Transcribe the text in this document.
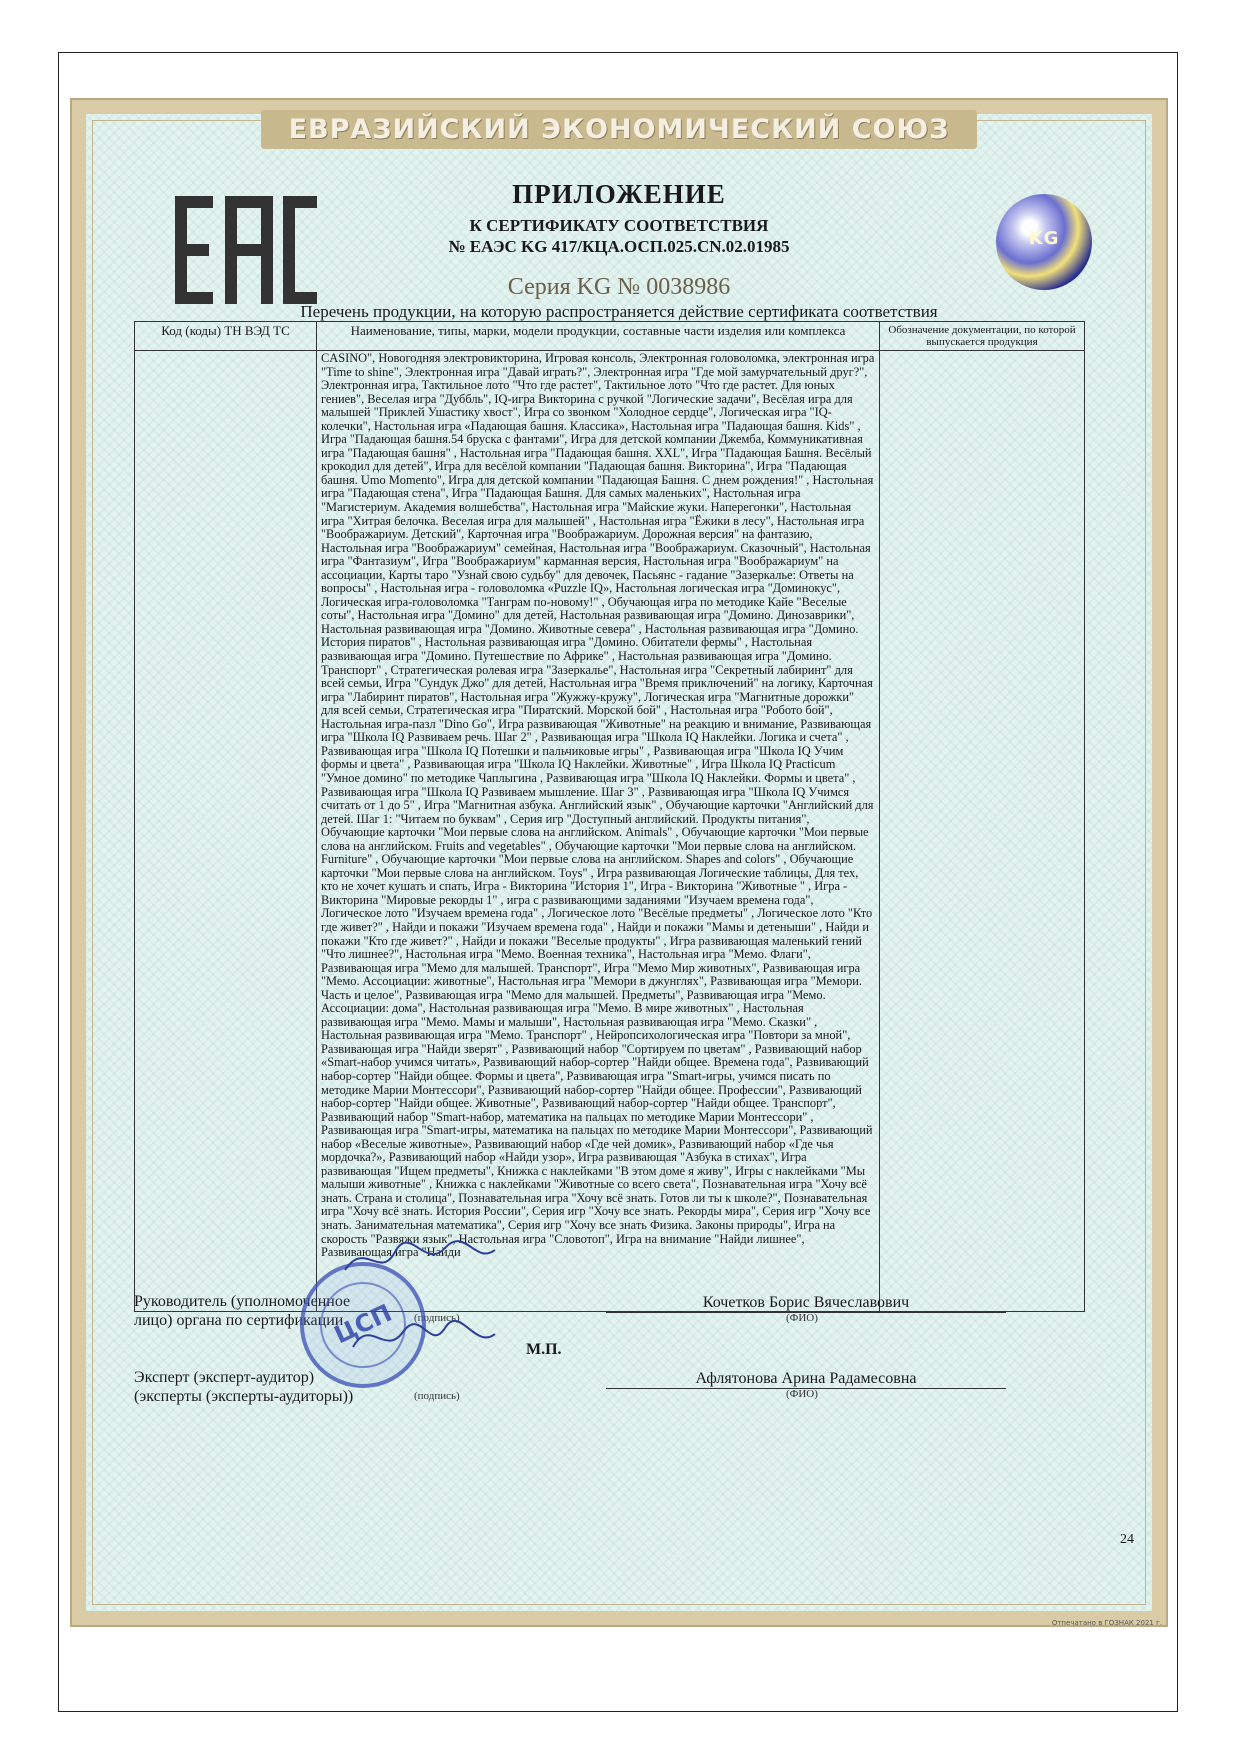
ЕВРАЗИЙСКИЙ ЭКОНОМИЧЕСКИЙ СОЮЗ
KG
ПРИЛОЖЕНИЕ
К СЕРТИФИКАТУ СООТВЕТСТВИЯ
№ ЕАЭС KG 417/КЦА.ОСП.025.CN.02.01985
Серия KG № 0038986
Перечень продукции, на которую распространяется действие сертификата соответствия
Код (коды) ТН ВЭД ТС	Наименование, типы, марки, модели продукции, составные части изделия или комплекса	Обозначение документации, по которой выпускается продукция

	CASINO", Новогодняя электровикторина, Игровая консоль, Электронная головоломка, электронная игра "Time to shine", Электронная игра "Давай играть?", Электронная игра "Где мой замурчательный друг?", Электронная игра, Тактильное лото "Что где растет", Тактильное лото "Что где растет. Для юных гениев", Веселая игра "Дуббль", IQ-игра Викторина с ручкой "Логические задачи", Весёлая игра для малышей "Приклей Ушастику хвост", Игра со звонком "Холодное сердце", Логическая игра "IQ-колечки", Настольная игра «Падающая башня. Классика», Настольная игра "Падающая башня. Kids" , Игра "Падающая башня.54 бруска с фантами", Игра для детской компании Джемба, Коммуникативная игра "Падающая башня" , Настольная игра "Падающая башня. XXL", Игра "Падающая Башня. Весёлый крокодил для детей", Игра для весёлой компании "Падающая башня. Викторина", Игра "Падающая башня. Umo Momento", Игра для детской компании "Падающая Башня. С днем рождения!" , Настольная игра "Падающая стена", Игра "Падающая Башня. Для самых маленьких", Настольная игра "Магистериум. Академия волшебства", Настольная игра "Майские жуки. Наперегонки", Настольная игра "Хитрая белочка. Веселая игра для малышей" , Настольная игра "Ёжики в лесу", Настольная игра "Воображариум. Детский", Карточная игра "Воображариум. Дорожная версия" на фантазию, Настольная игра "Воображариум" семейная, Настольная игра "Воображариум. Сказочный", Настольная игра "Фантазиум", Игра "Воображариум" карманная версия, Настольная игра "Воображариум" на ассоциации, Карты таро "Узнай свою судьбу" для девочек, Пасьянс - гадание "Зазеркалье: Ответы на вопросы" , Настольная игра - головоломка «Puzzle IQ», Настольная логическая игра "Доминокус", Логическая игра-головоломка "Танграм по-новому!" , Обучающая игра по методике Кайе "Веселые соты", Настольная игра "Домино" для детей, Настольная развивающая игра "Домино. Динозаврики", Настольная развивающая игра "Домино. Животные севера" , Настольная развивающая игра "Домино. История пиратов" , Настольная развивающая игра "Домино. Обитатели фермы" , Настольная развивающая игра "Домино. Путешествие по Африке" , Настольная развивающая игра "Домино. Транспорт" , Стратегическая ролевая игра "Зазеркалье", Настольная игра "Секретный лабиринт" для всей семьи, Игра "Сундук Джо" для детей, Настольная игра "Время приключений" на логику, Карточная игра "Лабиринт пиратов", Настольная игра "Жужжу-кружу", Логическая игра "Магнитные дорожки" для всей семьи, Стратегическая игра "Пиратский. Морской бой" , Настольная игра "Робото бой", Настольная игра-пазл "Dino Go", Игра развивающая "Животные" на реакцию и внимание, Развивающая игра "Школа IQ Развиваем речь. Шаг 2" , Развивающая игра "Школа IQ Наклейки. Логика и счета" , Развивающая игра "Школа IQ Потешки и пальчиковые игры" , Развивающая игра "Школа IQ Учим формы и цвета" , Развивающая игра "Школа IQ Наклейки. Животные" , Игра Школа IQ Practicum "Умное домино" по методике Чаплыгина , Развивающая игра "Школа IQ Наклейки. Формы и цвета" , Развивающая игра "Школа IQ Развиваем мышление. Шаг 3" , Развивающая игра "Школа IQ Учимся считать от 1 до 5" , Игра "Магнитная азбука. Английский язык" , Обучающие карточки "Английский для детей. Шаг 1: "Читаем по буквам" , Серия игр "Доступный английский. Продукты питания", Обучающие карточки "Мои первые слова на английском. Animals" , Обучающие карточки "Мои первые слова на английском. Fruits and vegetables" , Обучающие карточки "Мои первые слова на английском. Furniture" , Обучающие карточки "Мои первые слова на английском. Shapes and colors" , Обучающие карточки "Мои первые слова на английском. Toys" , Игра развивающая Логические таблицы, Для тех, кто не хочет кушать и спать, Игра - Викторина "История 1", Игра - Викторина "Животные " , Игра - Викторина "Мировые рекорды 1" , игра с развивающими заданиями "Изучаем времена года", Логическое лото "Изучаем времена года" , Логическое лото "Весёлые предметы" , Логическое лото "Кто где живет?" , Найди и покажи "Изучаем времена года" , Найди и покажи "Мамы и детеныши" , Найди и покажи "Кто где живет?" , Найди и покажи "Веселые продукты" , Игра развивающая маленький гений "Что лишнее?", Настольная игра "Мемо. Военная техника", Настольная игра "Мемо. Флаги", Развивающая игра "Мемо для малышей. Транспорт", Игра "Мемо Мир животных", Развивающая игра "Мемо. Ассоциации: животные", Настольная игра "Мемори в джунглях", Развивающая игра "Мемори. Часть и целое", Развивающая игра "Мемо для малышей. Предметы", Развивающая игра "Мемо. Ассоциации: дома", Настольная развивающая игра "Мемо. В мире животных" , Настольная развивающая игра "Мемо. Мамы и малыши", Настольная развивающая игра "Мемо. Сказки" , Настольная развивающая игра "Мемо. Транспорт" , Нейропсихологическая игра "Повтори за мной", Развивающая игра "Найди зверят" , Развивающий набор "Сортируем по цветам" , Развивающий набор «Smart-набор учимся читать», Развивающий набор-сортер "Найди общее. Времена года", Развивающий набор-сортер "Найди общее. Формы и цвета", Развивающая игра "Smart-игры, учимся писать по методике Марии Монтессори", Развивающий набор-сортер "Найди общее. Профессии", Развивающий набор-сортер "Найди общее. Животные", Развивающий набор-сортер "Найди общее. Транспорт", Развивающий набор "Smart-набор, математика на пальцах по методике Марии Монтессори" , Развивающая игра "Smart-игры, математика на пальцах по методике Марии Монтессори", Развивающий набор «Веселые животные», Развивающий набор «Где чей домик», Развивающий набор «Где чья мордочка?», Развивающий набор «Найди узор», Игра развивающая "Азбука в стихах", Игра развивающая "Ищем предметы", Книжка с наклейками "В этом доме я живу", Игры с наклейками "Мы малыши животные" , Книжка с наклейками "Животные со всего света", Познавательная игра "Хочу всё знать. Страна и столица", Познавательная игра "Хочу всё знать. Готов ли ты к школе?", Познавательная игра "Хочу всё знать. История России", Серия игр "Хочу все знать. Рекорды мира", Серия игр "Хочу все знать. Занимательная математика", Серия игр "Хочу все знать Физика. Законы природы", Игра на скорость "Развяжи язык", Настольная игра "Словотоп", Игра на внимание "Найди лишнее", Развивающая игра "Найди	

Руководитель (уполномоченное
лицо) органа по сертификации	(подпись)
Кочетков Борис Вячеславович
(ФИО)
М.П.
Эксперт (эксперт-аудитор)
(эксперты (эксперты-аудиторы))	(подпись)
Афлятонова Арина Радамесовна
(ФИО)
24
Отпечатано в ГОЗНАК 2021 г.
ЦСП
